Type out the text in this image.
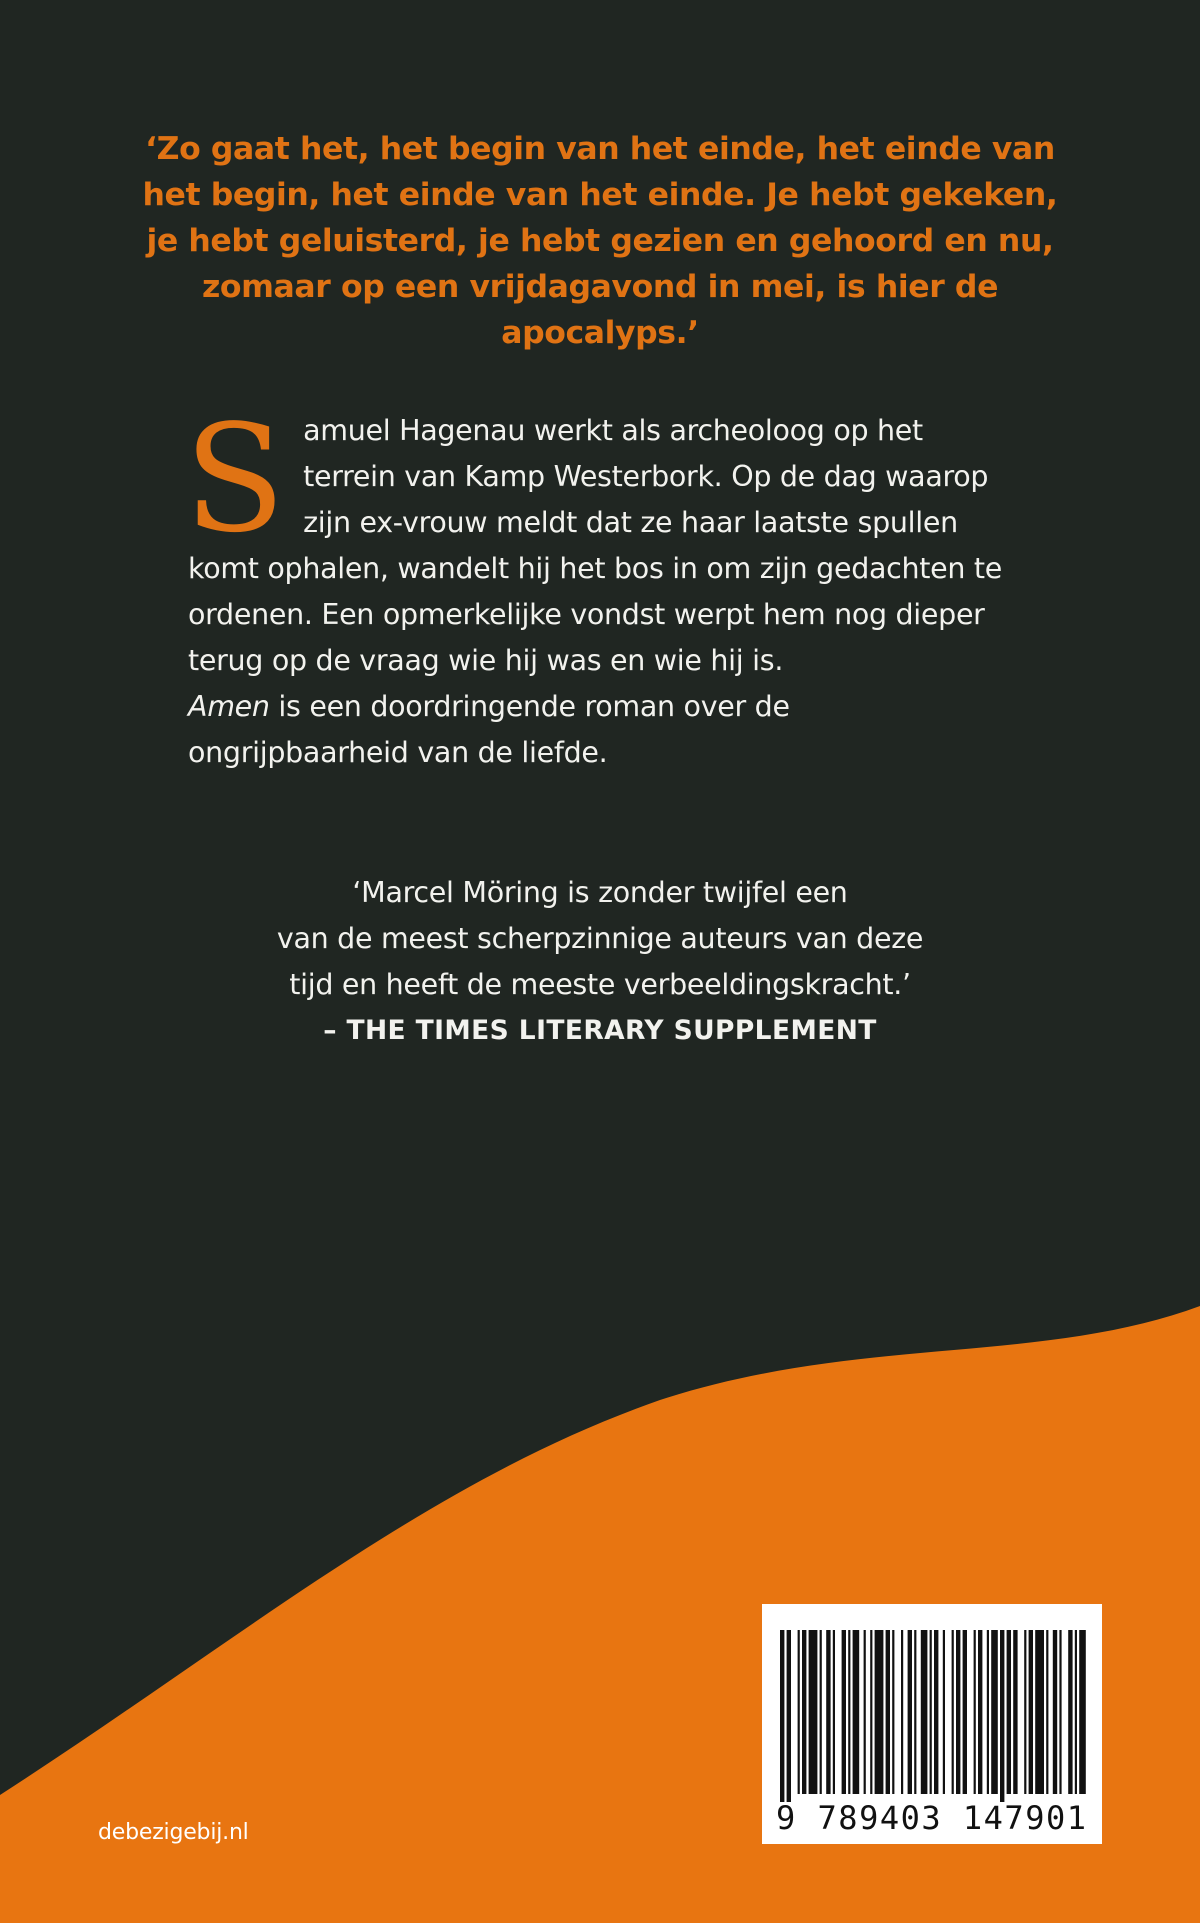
‘Zo gaat het, het begin van het einde, het einde van het begin, het einde van het einde. Je hebt gekeken, je hebt geluisterd, je hebt gezien en gehoord en nu, zomaar op een vrijdagavond in mei, is hier de apocalyps.’

S amuel Hagenau werkt als archeoloog op het terrein van Kamp Westerbork. Op de dag waarop zijn ex-vrouw meldt dat ze haar laatste spullen komt ophalen, wandelt hij het bos in om zijn gedachten te ordenen. Een opmerkelijke vondst werpt hem nog dieper terug op de vraag wie hij was en wie hij is.

Amen is een doordringende roman over de ongrijpbaarheid van de liefde.

‘Marcel Möring is zonder twijfel een
van de meest scherpzinnige auteurs van deze
tijd en heeft de meeste verbeeldingskracht.’

– THE TIMES LITERARY SUPPLEMENT

debezigebij.nl	9 789403 147901
